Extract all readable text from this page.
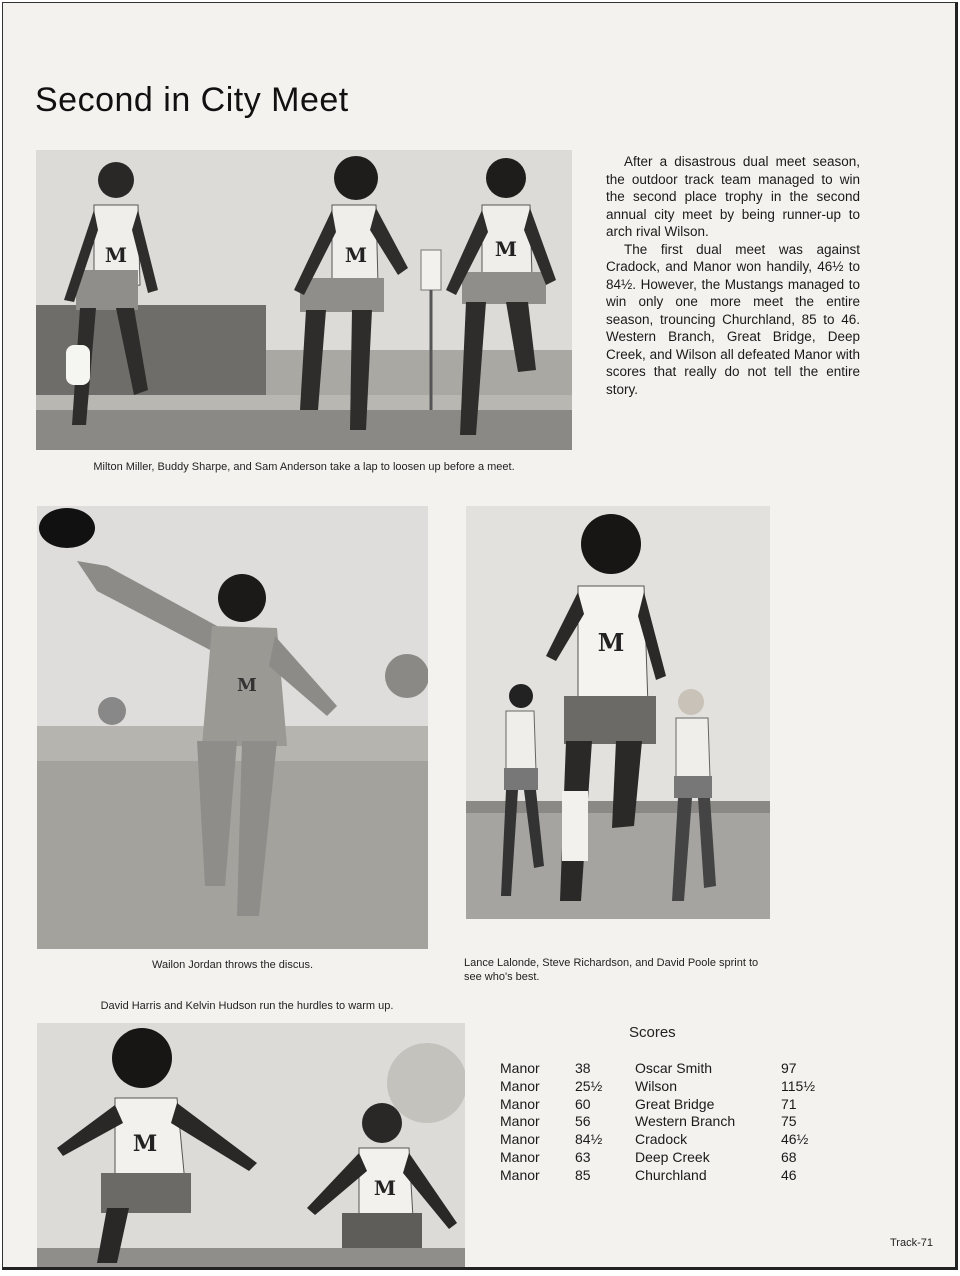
Second in City Meet
M	M	M
Milton Miller, Buddy Sharpe, and Sam Anderson take a lap to loosen up before a meet.

After a disastrous dual meet season, the outdoor track team managed to win the second place trophy in the second annual city meet by being runner-up to arch rival Wilson.

The first dual meet was against Cradock, and Manor won handily, 46½ to 84½. However, the Mustangs managed to win only one more meet the entire season, trouncing Churchland, 85 to 46. Western Branch, Great Bridge, Deep Creek, and Wilson all defeated Manor with scores that really do not tell the entire story.

M
Wailon Jordan throws the discus.
M
Lance Lalonde, Steve Richardson, and David Poole sprint to see who's best.
David Harris and Kelvin Hudson run the hurdles to warm up.
M
M
Scores
Manor	38	Oscar Smith	97
Manor	25½	Wilson	115½
Manor	60	Great Bridge	71
Manor	56	Western Branch	75
Manor	84½	Cradock	46½
Manor	63	Deep Creek	68
Manor	85	Churchland	46
Track-71
